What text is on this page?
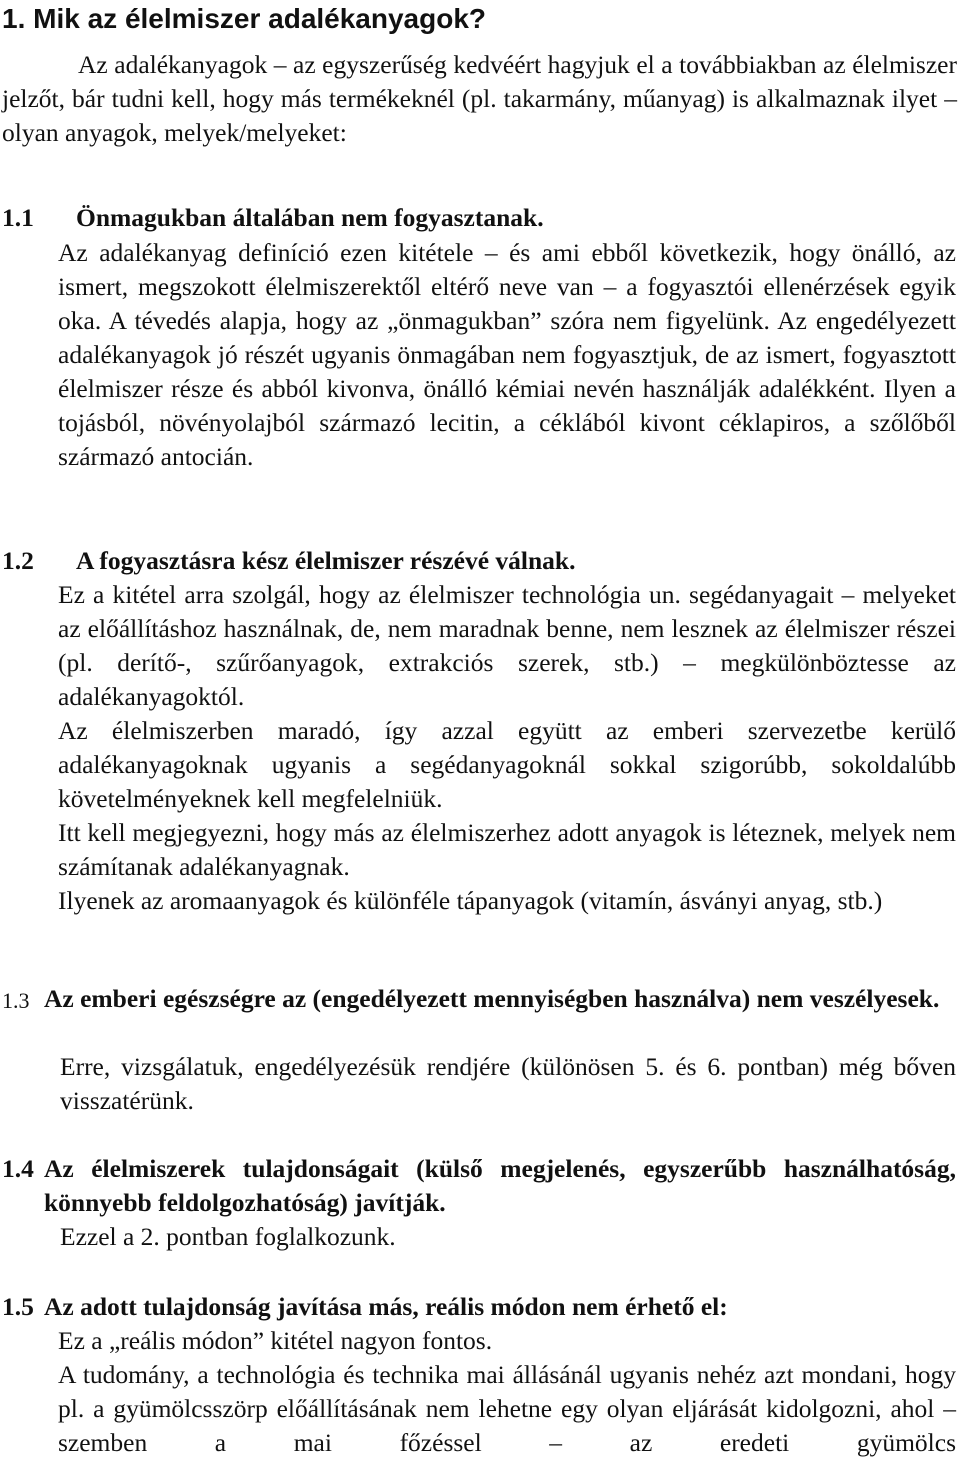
1. Mik az élelmiszer adalékanyagok?

Az adalékanyagok – az egyszerűség kedvéért hagyjuk el a továbbiakban az élelmiszer jelzőt, bár tudni kell, hogy más termékeknél (pl. takarmány, műanyag) is alkalmaznak ilyet – olyan anyagok, melyek/melyeket:

1.1 Önmagukban általában nem fogyasztanak.

Az adalékanyag definíció ezen kitétele – és ami ebből következik, hogy önálló, az ismert, megszokott élelmiszerektől eltérő neve van – a fogyasztói ellenérzések egyik oka. A tévedés alapja, hogy az „önmagukban” szóra nem figyelünk. Az engedélyezett adalékanyagok jó részét ugyanis önmagában nem fogyasztjuk, de az ismert, fogyasztott élelmiszer része és abból kivonva, önálló kémiai nevén használják adalékként. Ilyen a tojásból, növényolajból származó lecitin, a céklából kivont céklapiros, a szőlőből származó antocián.

1.2 A fogyasztásra kész élelmiszer részévé válnak.

Ez a kitétel arra szolgál, hogy az élelmiszer technológia un. segédanyagait – melyeket az előállításhoz használnak, de, nem maradnak benne, nem lesznek az élelmiszer részei (pl. derítő-, szűrőanyagok, extrakciós szerek, stb.) – megkülönböztesse az adalékanyagoktól.

Az élelmiszerben maradó, így azzal együtt az emberi szervezetbe kerülő adalékanyagoknak ugyanis a segédanyagoknál sokkal szigorúbb, sokoldalúbb követelményeknek kell megfelelniük.

Itt kell megjegyezni, hogy más az élelmiszerhez adott anyagok is léteznek, melyek nem számítanak adalékanyagnak.

Ilyenek az aromaanyagok és különféle tápanyagok (vitamín, ásványi anyag, stb.)

1.3 Az emberi egészségre az (engedélyezett mennyiségben használva) nem veszélyesek.

Erre, vizsgálatuk, engedélyezésük rendjére (különösen 5. és 6. pontban) még bőven visszatérünk.

1.4 Az élelmiszerek tulajdonságait (külső megjelenés, egyszerűbb használhatóság, könnyebb feldolgozhatóság) javítják.

Ezzel a 2. pontban foglalkozunk.

1.5 Az adott tulajdonság javítása más, reális módon nem érhető el:

Ez a „reális módon” kitétel nagyon fontos.

A tudomány, a technológia és technika mai állásánál ugyanis nehéz azt mondani, hogy pl. a gyümölcsszörp előállításának nem lehetne egy olyan eljárását kidolgozni, ahol – szemben a mai főzéssel – az eredeti gyümölcs
